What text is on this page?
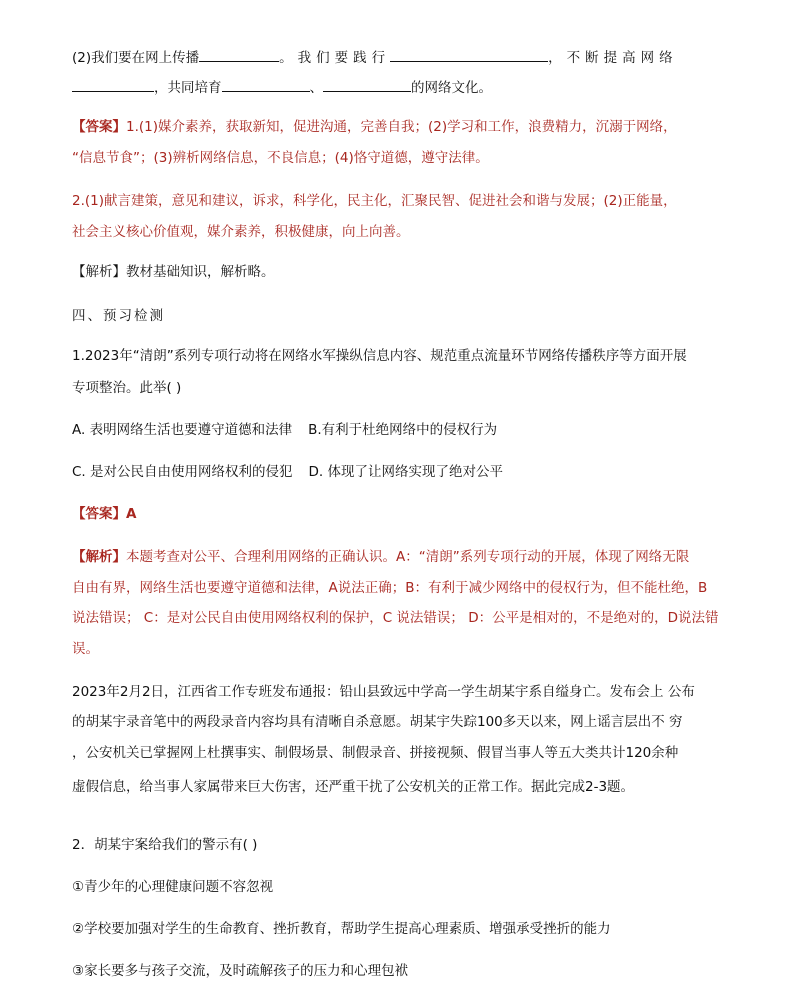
(2)我们要在网上传播	。我们要践行	，不断提高网络
，共同培育	、	的网络文化。
【答案】1.(1)媒介素养，获取新知，促进沟通，完善自我；(2)学习和工作，浪费精力，沉溺于网络，
“信息节食”；(3)辨析网络信息，不良信息；(4)恪守道德，遵守法律。
2.(1)献言建策，意见和建议，诉求，科学化，民主化，汇聚民智、促进社会和谐与发展；(2)正能量，
社会主义核心价值观，媒介素养，积极健康，向上向善。
【解析】教材基础知识，解析略。
四、预习检测
1.2023年“清朗”系列专项行动将在网络水军操纵信息内容、规范重点流量环节网络传播秩序等方面开展
专项整治。此举( )
A. 表明网络生活也要遵守道德和法律 B.有利于杜绝网络中的侵权行为
C. 是对公民自由使用网络权利的侵犯 D. 体现了让网络实现了绝对公平
【答案】A
【解析】本题考查对公平、合理利用网络的正确认识。A：“清朗”系列专项行动的开展，体现了网络无限
自由有界，网络生活也要遵守道德和法律，A说法正确；B：有利于减少网络中的侵权行为，但不能杜绝，B
说法错误； C：是对公民自由使用网络权利的保护，C 说法错误； D：公平是相对的，不是绝对的，D说法错
误。
2023年2月2日，江西省工作专班发布通报：铅山县致远中学高一学生胡某宇系自缢身亡。发布会上 公布
的胡某宇录音笔中的两段录音内容均具有清晰自杀意愿。胡某宇失踪100多天以来，网上谣言层出不 穷
，公安机关已掌握网上杜撰事实、制假场景、制假录音、拼接视频、假冒当事人等五大类共计120余种
虚假信息，给当事人家属带来巨大伤害，还严重干扰了公安机关的正常工作。据此完成2-3题。
2．胡某宇案给我们的警示有( )
①青少年的心理健康问题不容忽视
②学校要加强对学生的生命教育、挫折教育，帮助学生提高心理素质、增强承受挫折的能力
③家长要多与孩子交流，及时疏解孩子的压力和心理包袱
